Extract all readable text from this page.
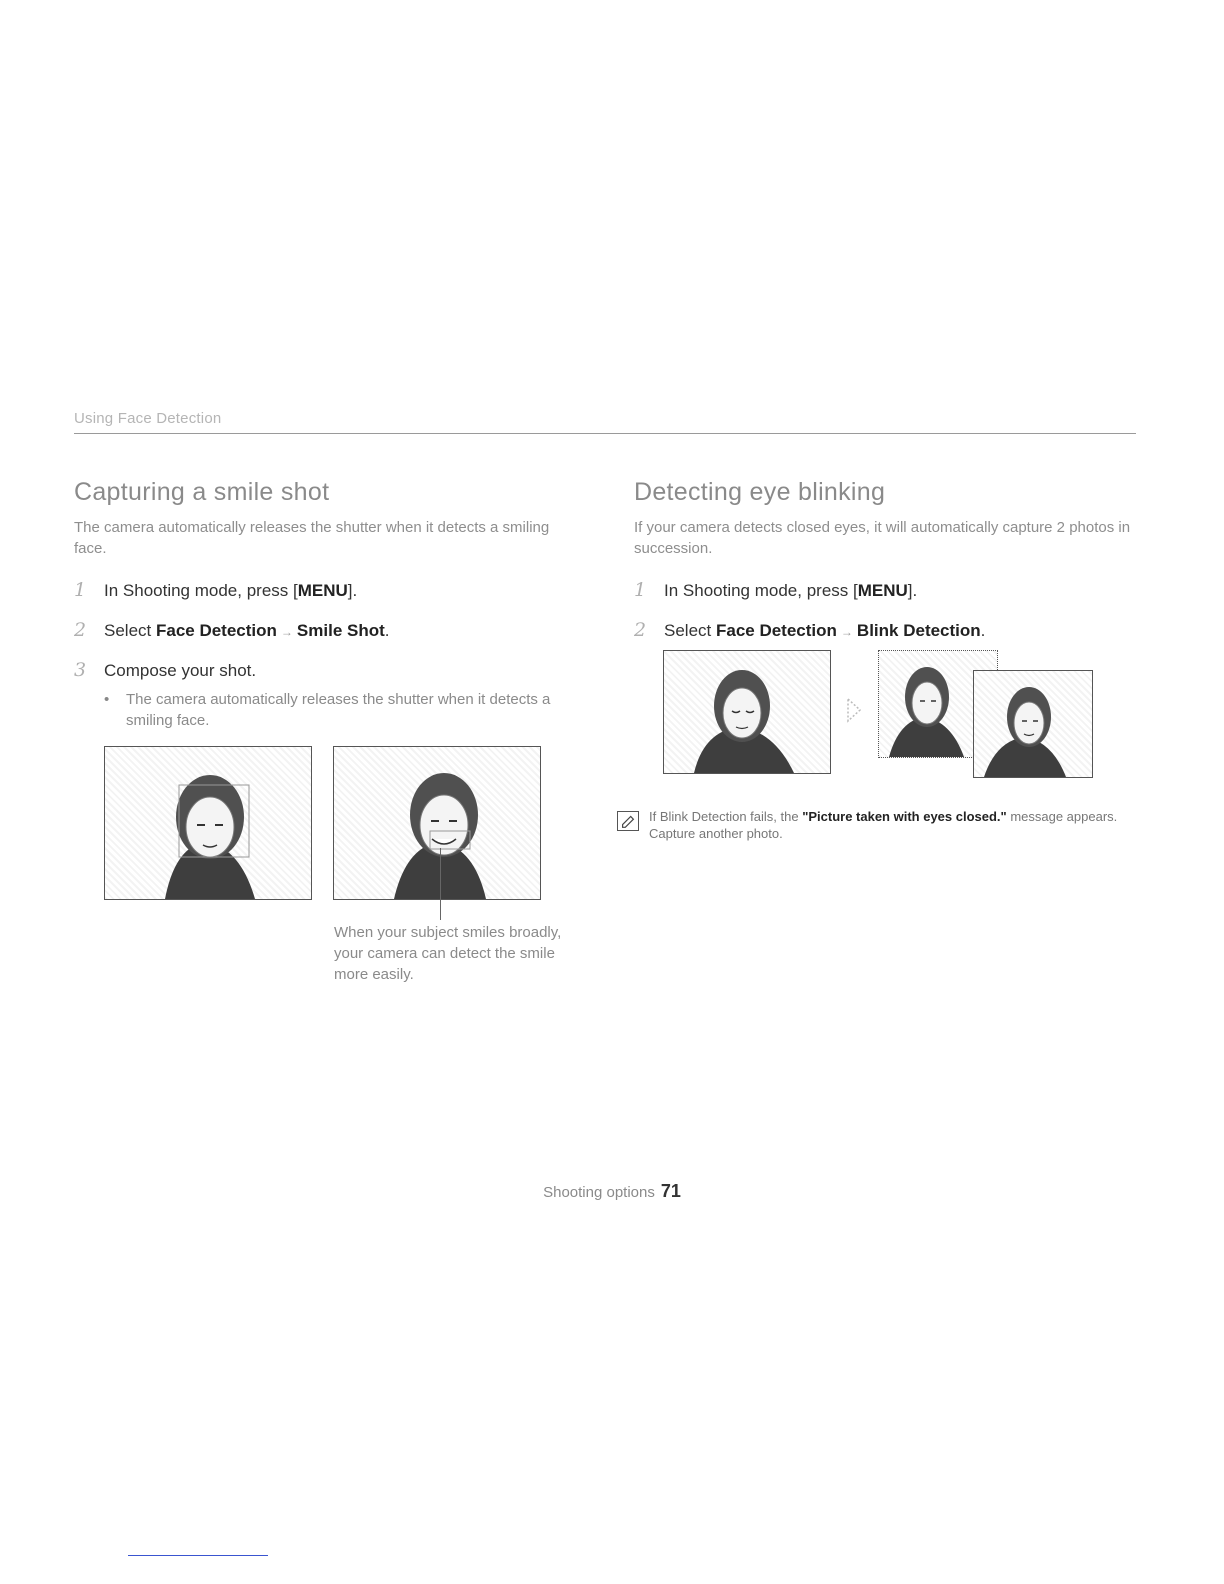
Using Face Detection
Capturing a smile shot

The camera automatically releases the shutter when it detects a smiling face.

1	In Shooting mode, press [MENU].
2	Select Face Detection → Smile Shot.
3	Compose your shot.
•	The camera automatically releases the shutter when it detects a smiling face.
When your subject smiles broadly, your camera can detect the smile more easily.
Detecting eye blinking

If your camera detects closed eyes, it will automatically capture 2 photos in succession.

1	In Shooting mode, press [MENU].
2	Select Face Detection → Blink Detection.
If Blink Detection fails, the "Picture taken with eyes closed." message appears. Capture another photo.
Shooting options 71
